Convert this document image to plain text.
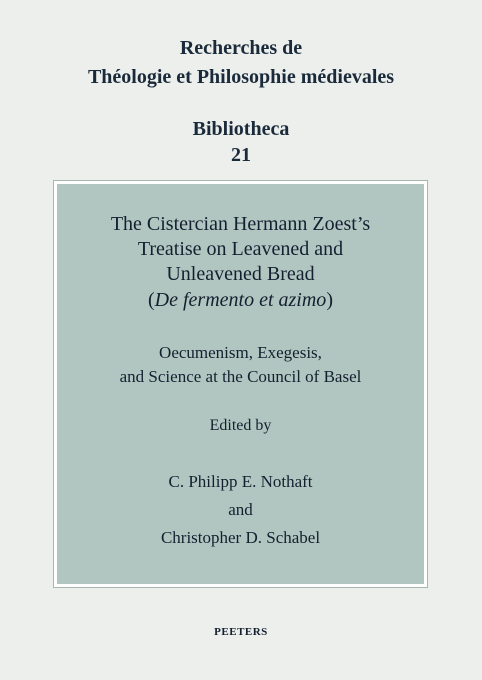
Recherches de
Théologie et Philosophie médievales
Bibliotheca
21
The Cistercian Hermann Zoest’s
Treatise on Leavened and
Unleavened Bread
(De fermento et azimo)
Oecumenism, Exegesis,
and Science at the Council of Basel
Edited by
C. Philipp E. Nothaft
and
Christopher D. Schabel
PEETERS
